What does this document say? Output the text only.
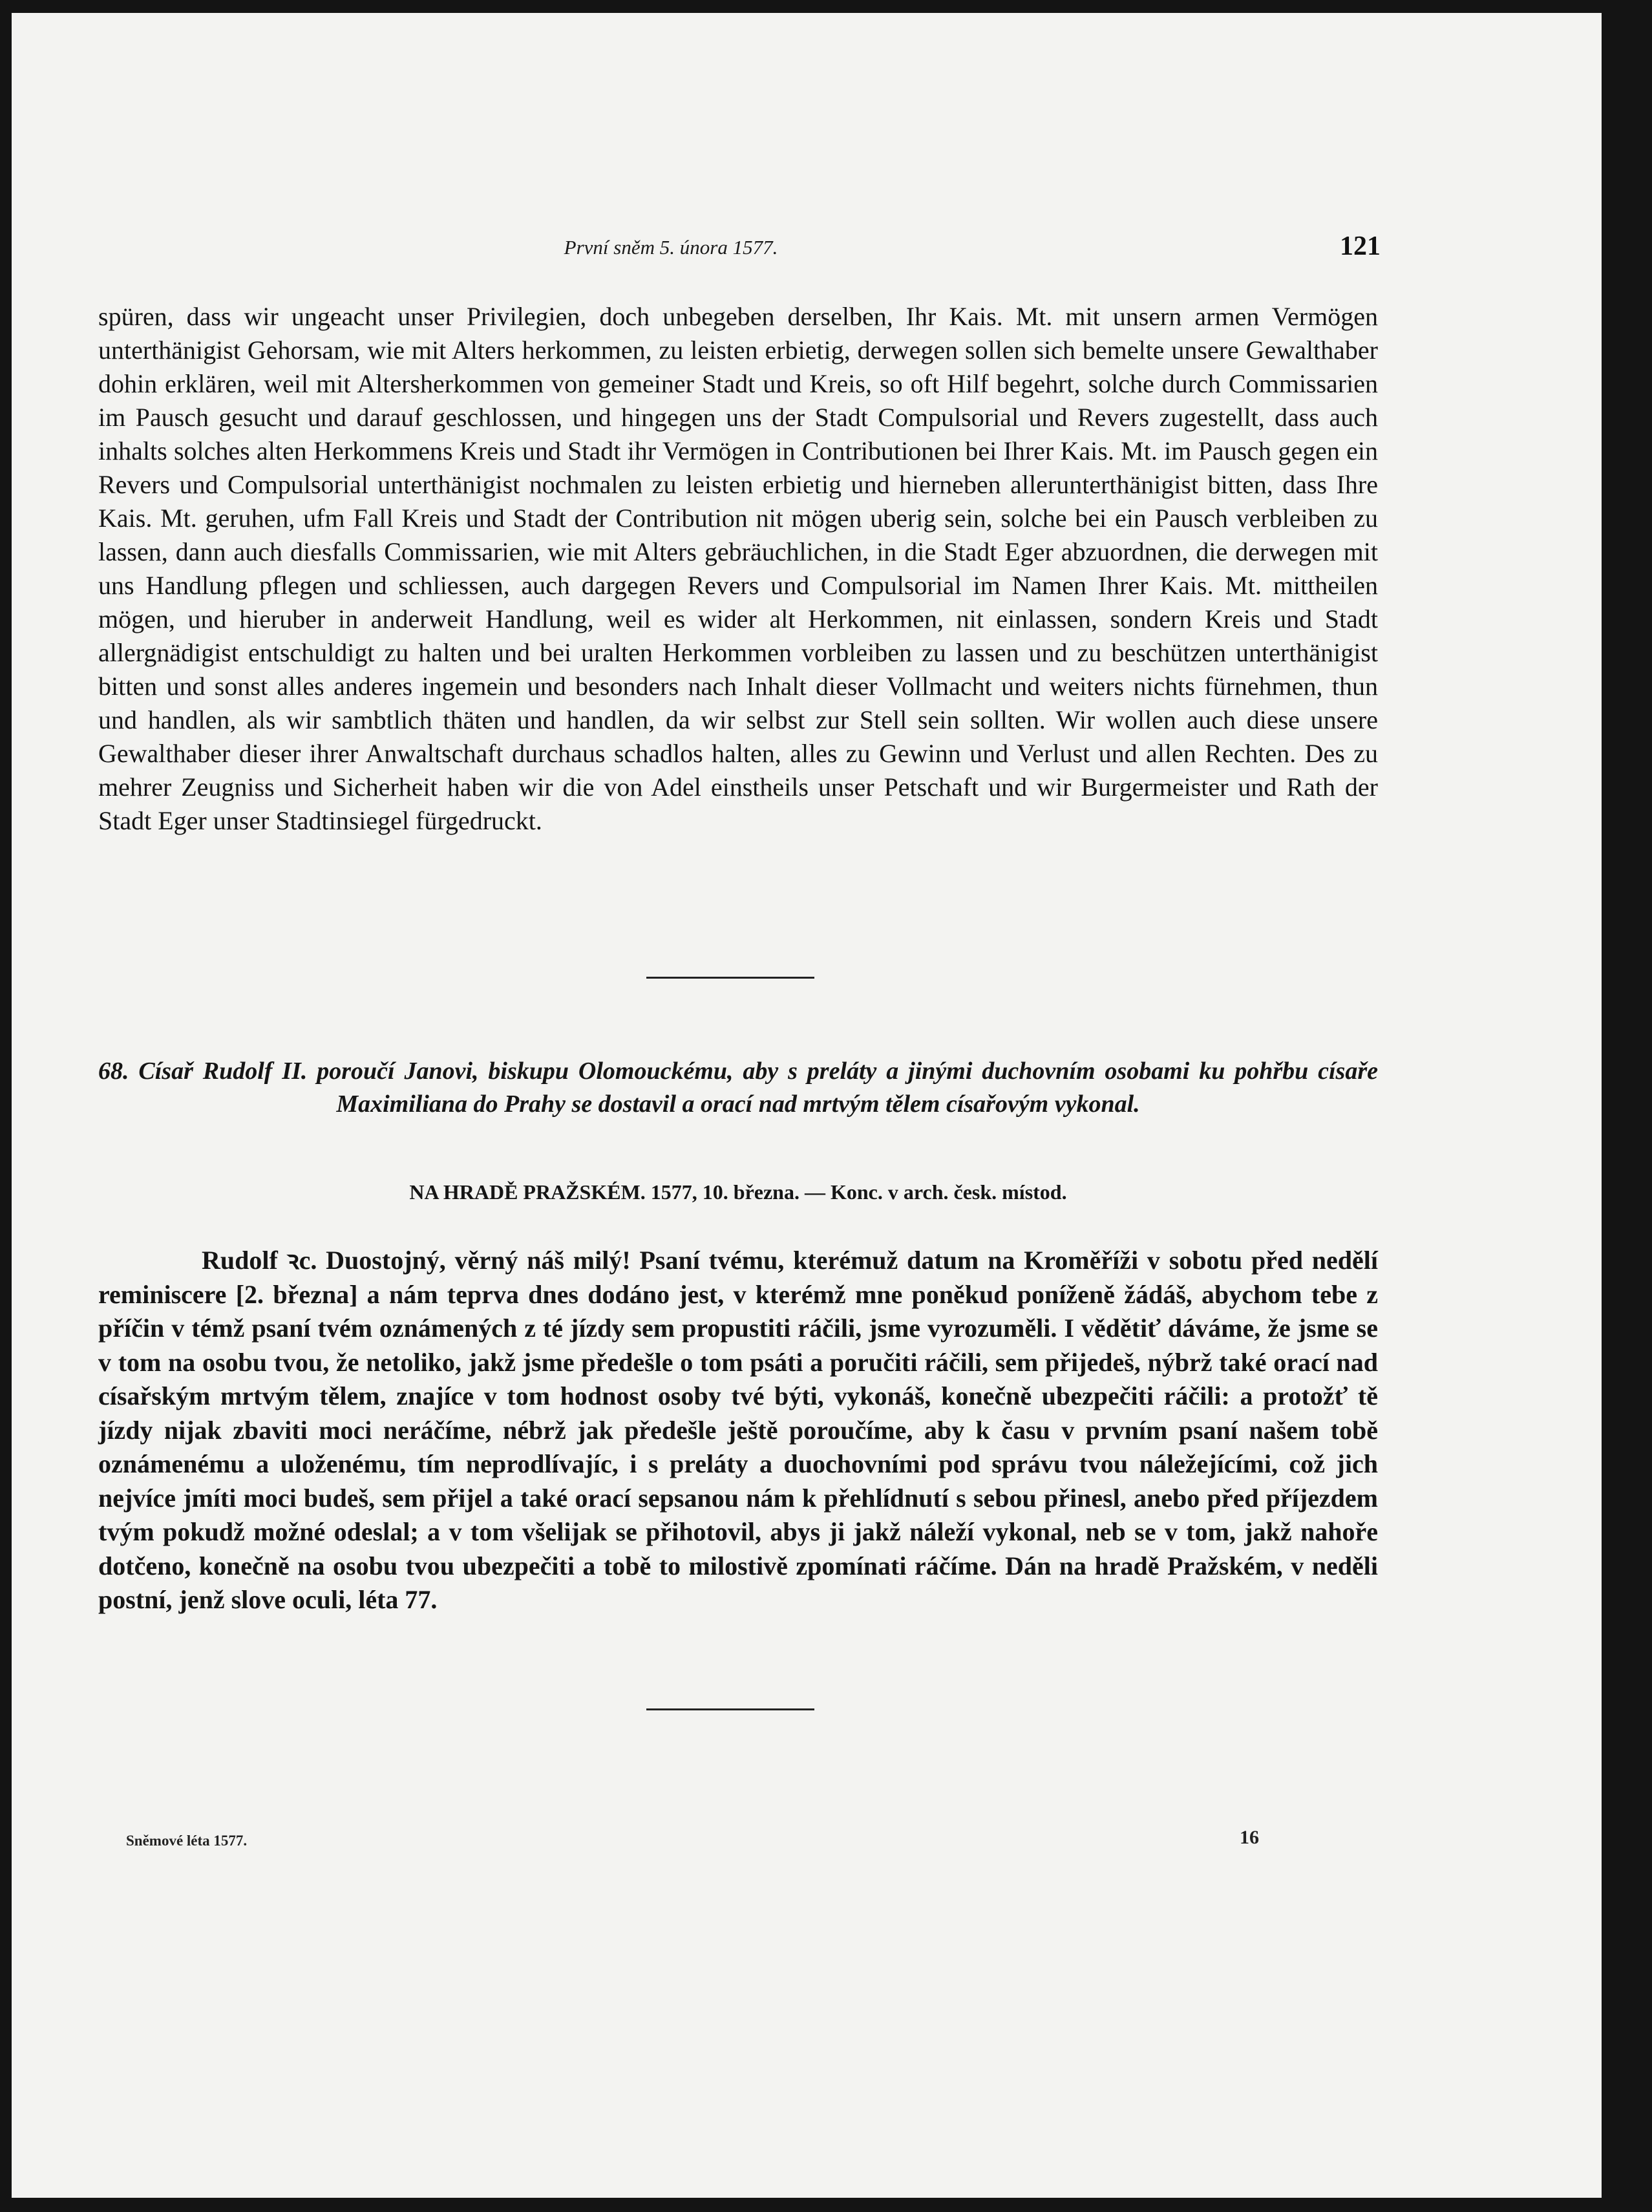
První sněm 5. února 1577.	121

spüren, dass wir ungeacht unser Privilegien, doch unbegeben derselben, Ihr Kais. Mt. mit unsern armen Vermögen unterthänigist Gehorsam, wie mit Alters herkommen, zu leisten erbietig, derwegen sollen sich bemelte unsere Gewalthaber dohin erklären, weil mit Altersherkommen von gemeiner Stadt und Kreis, so oft Hilf begehrt, solche durch Commissarien im Pausch gesucht und darauf geschlossen, und hingegen uns der Stadt Compulsorial und Revers zugestellt, dass auch inhalts solches alten Herkommens Kreis und Stadt ihr Vermögen in Contributionen bei Ihrer Kais. Mt. im Pausch gegen ein Revers und Compulsorial unterthänigist nochmalen zu leisten erbietig und hierneben allerunterthänigist bitten, dass Ihre Kais. Mt. geruhen, ufm Fall Kreis und Stadt der Contribution nit mögen uberig sein, solche bei ein Pausch verbleiben zu lassen, dann auch diesfalls Commissarien, wie mit Alters gebräuchlichen, in die Stadt Eger abzuordnen, die derwegen mit uns Handlung pflegen und schliessen, auch dargegen Revers und Compulsorial im Namen Ihrer Kais. Mt. mittheilen mögen, und hieruber in anderweit Handlung, weil es wider alt Herkommen, nit einlassen, sondern Kreis und Stadt allergnädigist entschuldigt zu halten und bei uralten Herkommen vorbleiben zu lassen und zu beschützen unterthänigist bitten und sonst alles anderes ingemein und besonders nach Inhalt dieser Vollmacht und weiters nichts fürnehmen, thun und handlen, als wir sambtlich thäten und handlen, da wir selbst zur Stell sein sollten. Wir wollen auch diese unsere Gewalthaber dieser ihrer Anwaltschaft durchaus schadlos halten, alles zu Gewinn und Verlust und allen Rechten. Des zu mehrer Zeugniss und Sicherheit haben wir die von Adel einstheils unser Petschaft und wir Burgermeister und Rath der Stadt Eger unser Stadtinsiegel fürgedruckt.

68. Císař Rudolf II. poroučí Janovi, biskupu Olomouckému, aby s preláty a jinými duchovním osobami ku pohřbu císaře Maximiliana do Prahy se dostavil a orací nad mrtvým tělem císařovým vykonal.

NA HRADĚ PRAŽSKÉM. 1577, 10. března. — Konc. v arch. česk. místod.

Rudolf ꝛc. Duostojný, věrný náš milý! Psaní tvému, kterémuž datum na Kroměříži v sobotu před nedělí reminiscere [2. března] a nám teprva dnes dodáno jest, v kterémž mne poněkud poníženě žádáš, abychom tebe z příčin v témž psaní tvém oznámených z té jízdy sem propustiti ráčili, jsme vyrozuměli. I vědětiť dáváme, že jsme se v tom na osobu tvou, že netoliko, jakž jsme předešle o tom psáti a poručiti ráčili, sem přijedeš, nýbrž také orací nad císařským mrtvým tělem, znajíce v tom hodnost osoby tvé býti, vykonáš, konečně ubezpečiti ráčili: a protožť tě jízdy nijak zbaviti moci neráčíme, nébrž jak předešle ještě poroučíme, aby k času v prvním psaní našem tobě oznámenému a uloženému, tím neprodlívajíc, i s preláty a duochovními pod správu tvou náležejícími, což jich nejvíce jmíti moci budeš, sem přijel a také orací sepsanou nám k přehlídnutí s sebou přinesl, anebo před příjezdem tvým pokudž možné odeslal; a v tom všelijak se přihotovil, abys ji jakž náleží vykonal, neb se v tom, jakž nahoře dotčeno, konečně na osobu tvou ubezpečiti a tobě to milostivě zpomínati ráčíme. Dán na hradě Pražském, v neděli postní, jenž slove oculi, léta 77.

Sněmové léta 1577.	16
